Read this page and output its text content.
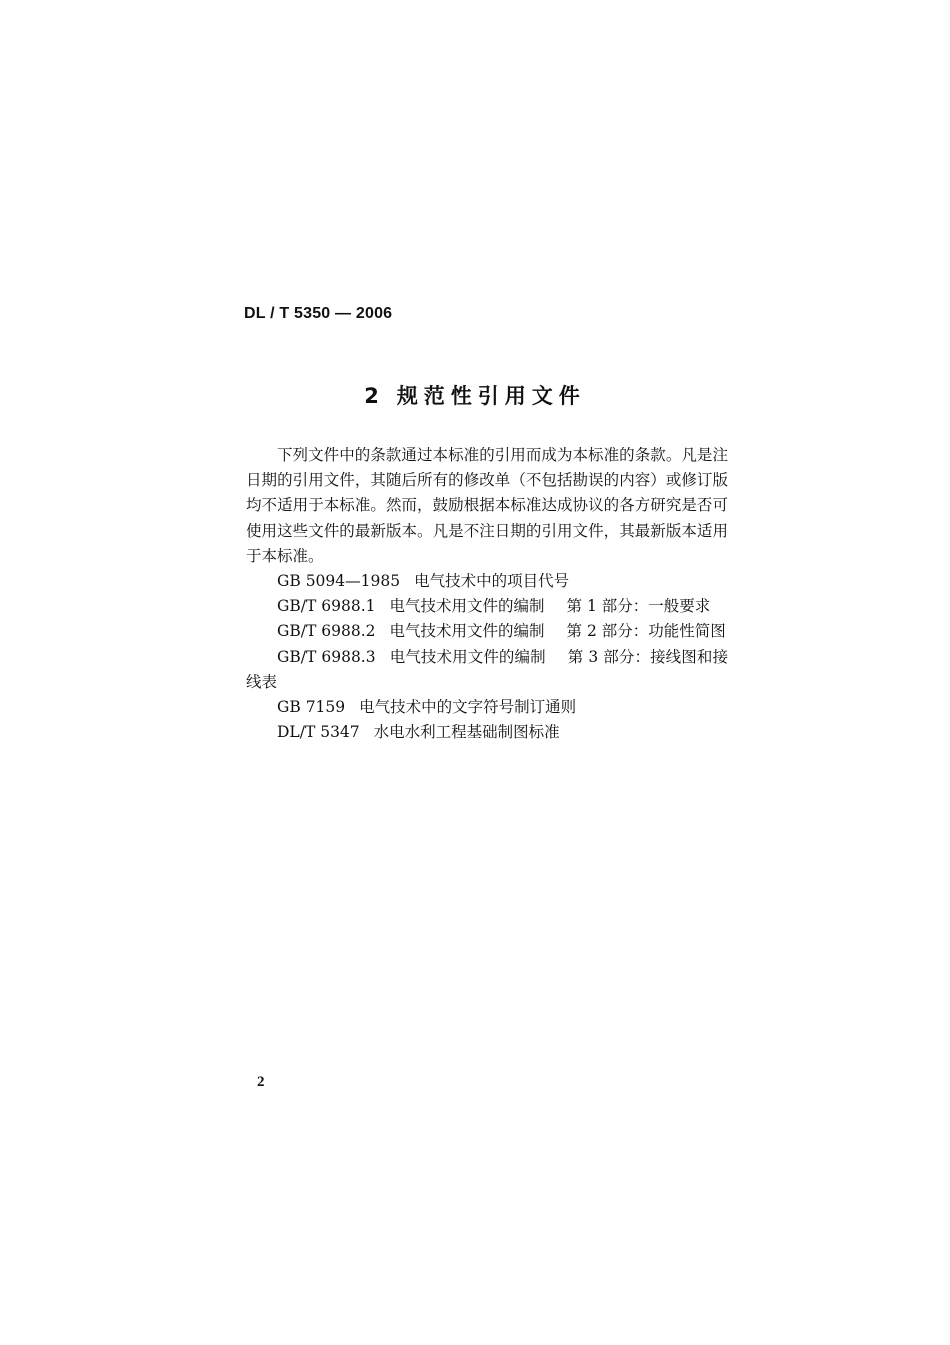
DL / T 5350 — 2006
2 规范性引用文件

下列文件中的条款通过本标准的引用而成为本标准的条款。凡是注日期的引用文件，其随后所有的修改单（不包括勘误的内容）或修订版均不适用于本标准。然而，鼓励根据本标准达成协议的各方研究是否可使用这些文件的最新版本。凡是不注日期的引用文件，其最新版本适用于本标准。

GB 5094—1985 电气技术中的项目代号

GB/T 6988.1 电气技术用文件的编制 第 1 部分：一般要求

GB/T 6988.2 电气技术用文件的编制 第 2 部分：功能性简图

GB/T 6988.3 电气技术用文件的编制 第 3 部分：接线图和接线表

GB 7159 电气技术中的文字符号制订通则

DL/T 5347 水电水利工程基础制图标准

2
